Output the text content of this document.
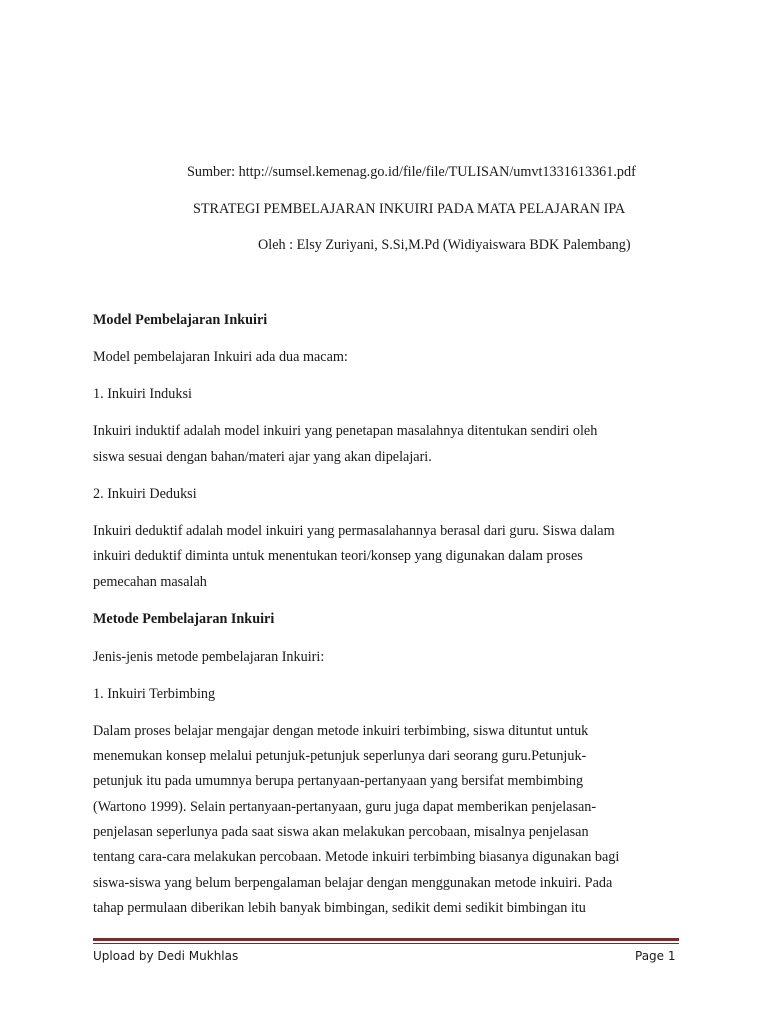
Sumber: http://sumsel.kemenag.go.id/file/file/TULISAN/umvt1331613361.pdf
STRATEGI PEMBELAJARAN INKUIRI PADA MATA PELAJARAN IPA
Oleh : Elsy Zuriyani, S.Si,M.Pd (Widiyaiswara BDK Palembang)
Model Pembelajaran Inkuiri
Model pembelajaran Inkuiri ada dua macam:
1. Inkuiri Induksi
Inkuiri induktif adalah model inkuiri yang penetapan masalahnya ditentukan sendiri oleh
siswa sesuai dengan bahan/materi ajar yang akan dipelajari.
2. Inkuiri Deduksi
Inkuiri deduktif adalah model inkuiri yang permasalahannya berasal dari guru. Siswa dalam
inkuiri deduktif diminta untuk menentukan teori/konsep yang digunakan dalam proses
pemecahan masalah
Metode Pembelajaran Inkuiri
Jenis-jenis metode pembelajaran Inkuiri:
1. Inkuiri Terbimbing
Dalam proses belajar mengajar dengan metode inkuiri terbimbing, siswa dituntut untuk
menemukan konsep melalui petunjuk-petunjuk seperlunya dari seorang guru.Petunjuk-
petunjuk itu pada umumnya berupa pertanyaan-pertanyaan yang bersifat membimbing
(Wartono 1999). Selain pertanyaan-pertanyaan, guru juga dapat memberikan penjelasan-
penjelasan seperlunya pada saat siswa akan melakukan percobaan, misalnya penjelasan
tentang cara-cara melakukan percobaan. Metode inkuiri terbimbing biasanya digunakan bagi
siswa-siswa yang belum berpengalaman belajar dengan menggunakan metode inkuiri. Pada
tahap permulaan diberikan lebih banyak bimbingan, sedikit demi sedikit bimbingan itu
Upload by Dedi Mukhlas	Page 1
